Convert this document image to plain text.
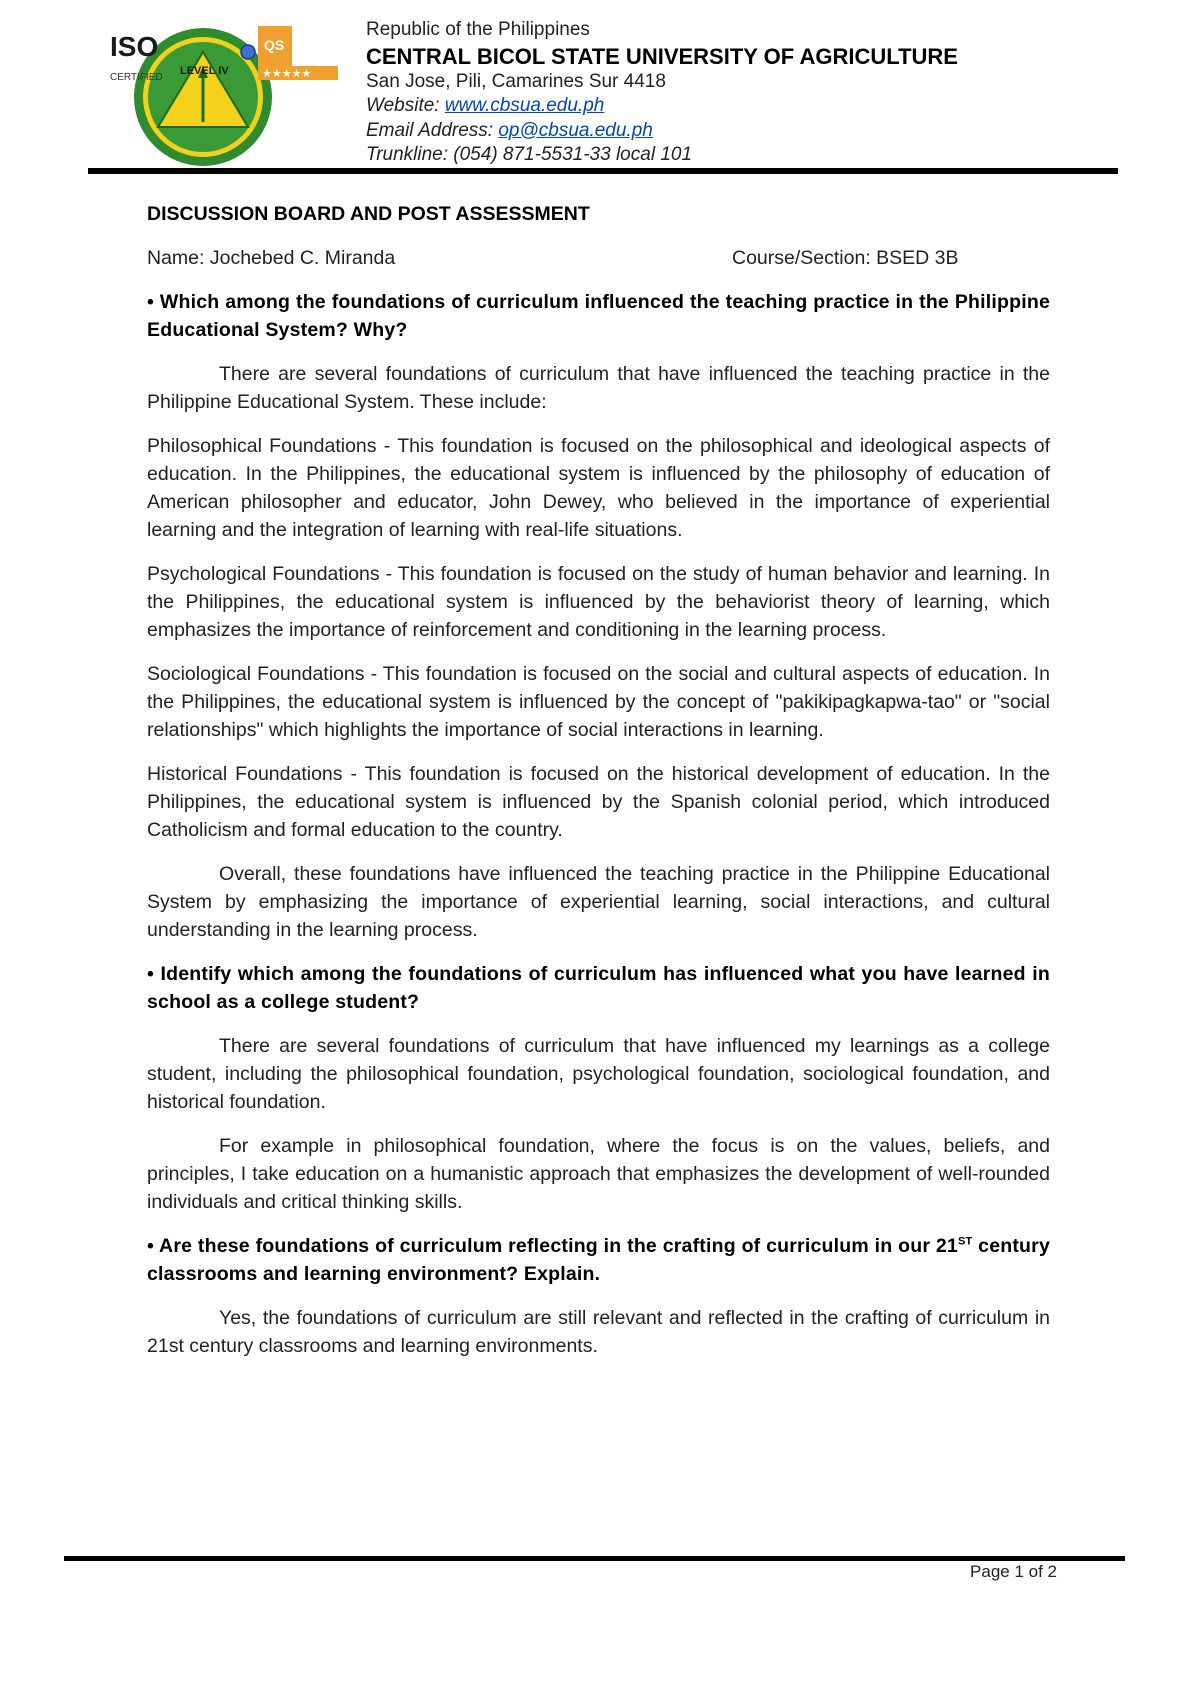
ISO
CERTIFIED
LEVEL IV
QS
★★★★★
Republic of the Philippines
CENTRAL BICOL STATE UNIVERSITY OF AGRICULTURE
San Jose, Pili, Camarines Sur 4418
Website: www.cbsua.edu.ph
Email Address: op@cbsua.edu.ph
Trunkline: (054) 871-5531-33 local 101
DISCUSSION BOARD AND POST ASSESSMENT
Name: Jochebed C. Miranda	Course/Section: BSED 3B
• Which among the foundations of curriculum influenced the teaching practice in the Philippine Educational System? Why?
There are several foundations of curriculum that have influenced the teaching practice in the Philippine Educational System. These include:
Philosophical Foundations - This foundation is focused on the philosophical and ideological aspects of education. In the Philippines, the educational system is influenced by the philosophy of education of American philosopher and educator, John Dewey, who believed in the importance of experiential learning and the integration of learning with real-life situations.
Psychological Foundations - This foundation is focused on the study of human behavior and learning. In the Philippines, the educational system is influenced by the behaviorist theory of learning, which emphasizes the importance of reinforcement and conditioning in the learning process.
Sociological Foundations - This foundation is focused on the social and cultural aspects of education. In the Philippines, the educational system is influenced by the concept of "pakikipagkapwa-tao" or "social relationships" which highlights the importance of social interactions in learning.
Historical Foundations - This foundation is focused on the historical development of education. In the Philippines, the educational system is influenced by the Spanish colonial period, which introduced Catholicism and formal education to the country.
Overall, these foundations have influenced the teaching practice in the Philippine Educational System by emphasizing the importance of experiential learning, social interactions, and cultural understanding in the learning process.
• Identify which among the foundations of curriculum has influenced what you have learned in school as a college student?
There are several foundations of curriculum that have influenced my learnings as a college student, including the philosophical foundation, psychological foundation, sociological foundation, and historical foundation.
For example in philosophical foundation, where the focus is on the values, beliefs, and principles, I take education on a humanistic approach that emphasizes the development of well-rounded individuals and critical thinking skills.
• Are these foundations of curriculum reflecting in the crafting of curriculum in our 21ST century classrooms and learning environment? Explain.
Yes, the foundations of curriculum are still relevant and reflected in the crafting of curriculum in 21st century classrooms and learning environments.
Page 1 of 2
